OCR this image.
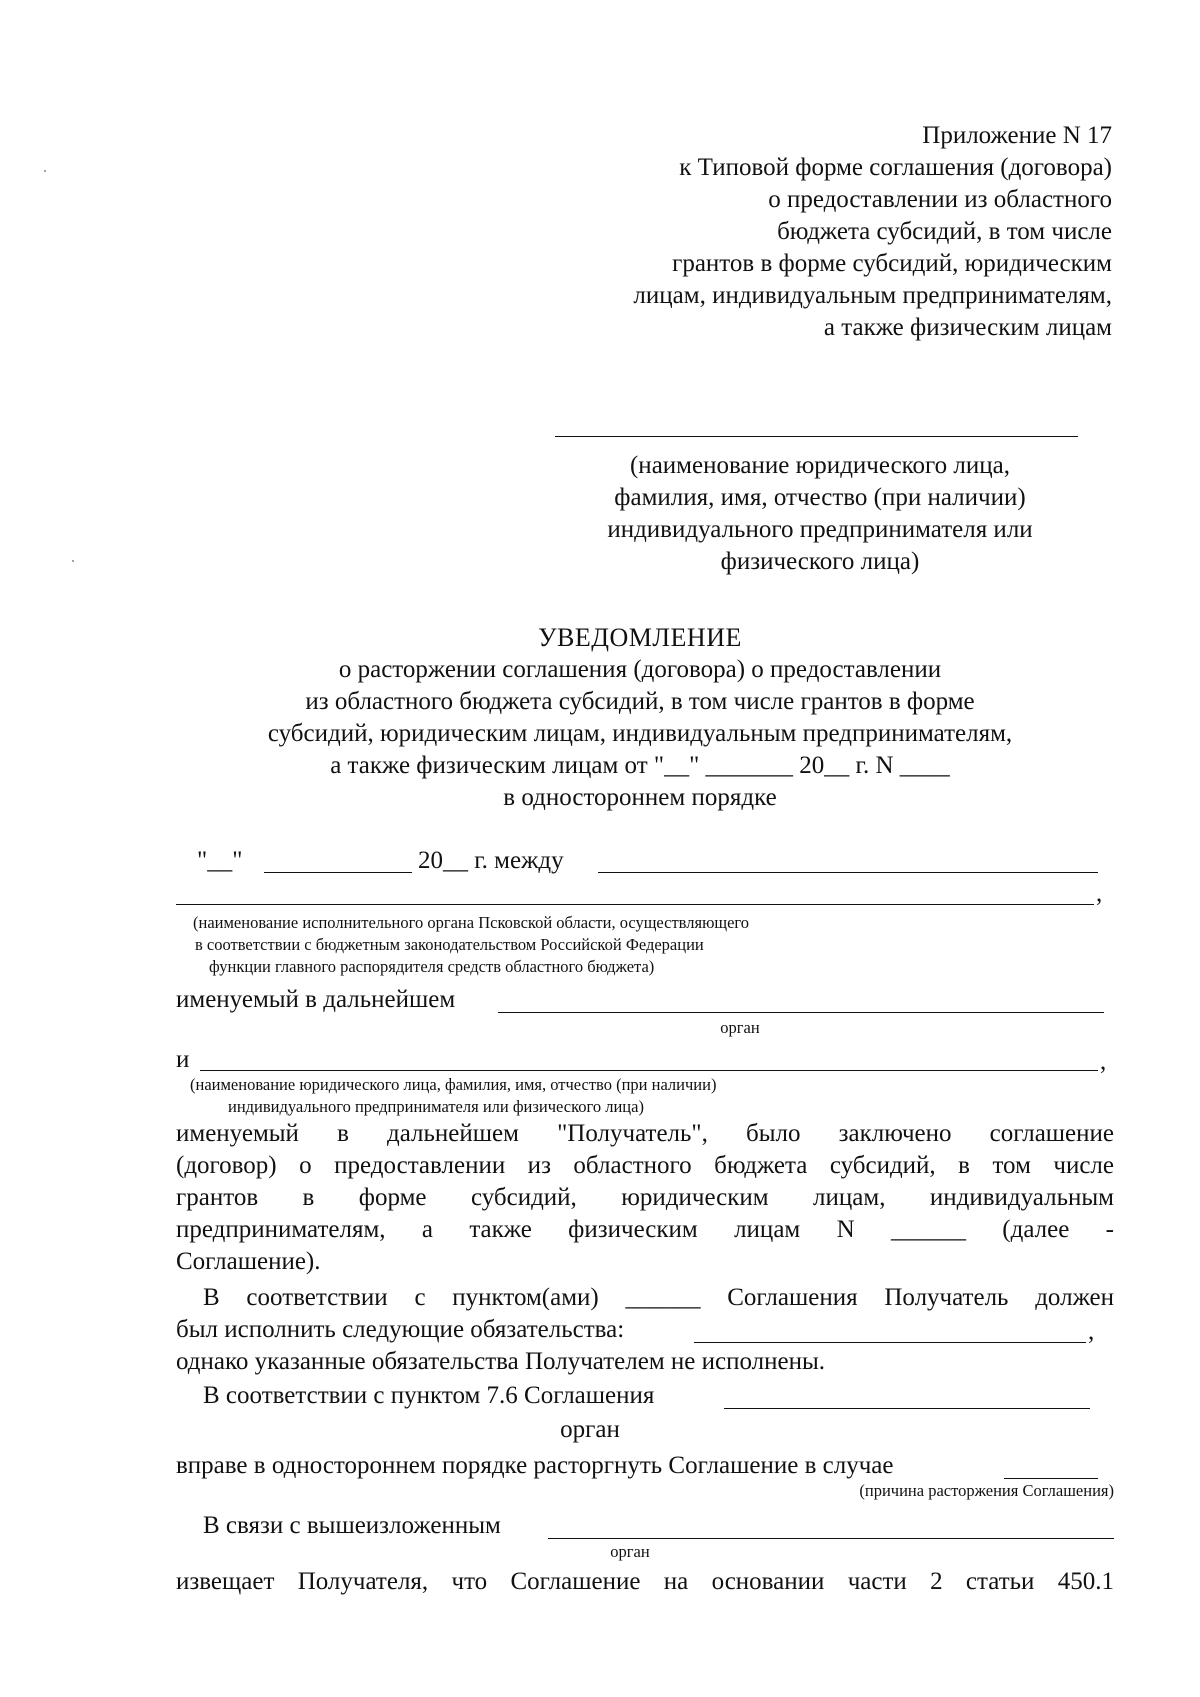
Приложение N 17
к Типовой форме соглашения (договора)
о предоставлении из областного
бюджета субсидий, в том числе
грантов в форме субсидий, юридическим
лицам, индивидуальным предпринимателям,
а также физическим лицам
(наименование юридического лица,
фамилия, имя, отчество (при наличии)
индивидуального предпринимателя или
физического лица)
УВЕДОМЛЕНИЕ
о расторжении соглашения (договора) о предоставлении
из областного бюджета субсидий, в том числе грантов в форме
субсидий, юридическим лицам, индивидуальным предпринимателям,
а также физическим лицам от "__" _______ 20__ г. N ____
в одностороннем порядке
"__"	20__ г. между
,
(наименование исполнительного органа Псковской области, осуществляющего
в соответствии с бюджетным законодательством Российской Федерации
функции главного распорядителя средств областного бюджета)
именуемый в дальнейшем
орган
и	,
(наименование юридического лица, фамилия, имя, отчество (при наличии)
индивидуального предпринимателя или физического лица)
именуемый в дальнейшем "Получатель", было заключено соглашение
(договор) о предоставлении из областного бюджета субсидий, в том числе
грантов в форме субсидий, юридическим лицам, индивидуальным
предпринимателям, а также физическим лицам N ______ (далее -
Соглашение).
В соответствии с пунктом(ами) ______ Соглашения Получатель должен
был исполнить следующие обязательства:	,
однако указанные обязательства Получателем не исполнены.
В соответствии с пунктом 7.6 Соглашения
орган
вправе в одностороннем порядке расторгнуть Соглашение в случае
(причина расторжения Соглашения)
В связи с вышеизложенным
орган
извещает Получателя, что Соглашение на основании части 2 статьи 450.1
